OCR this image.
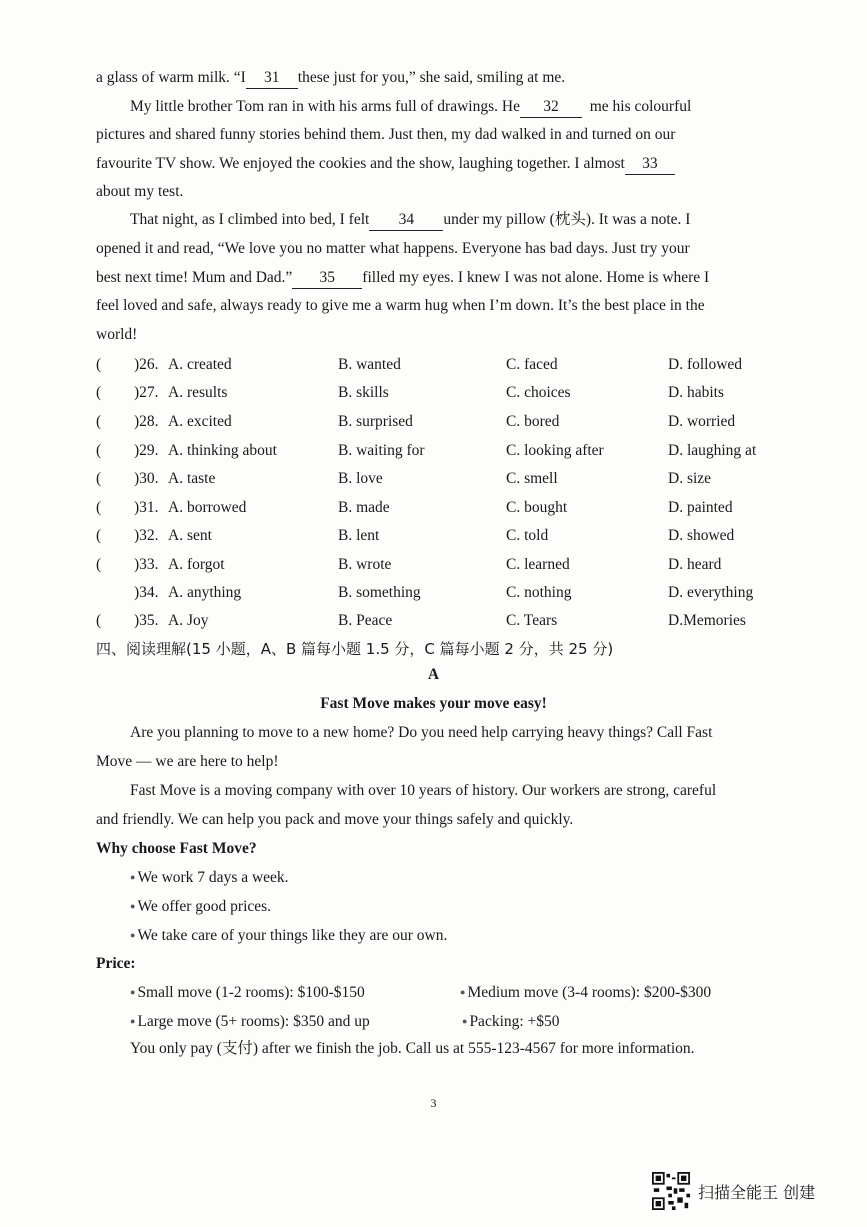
a glass of warm milk. “I 31 these just for you,” she said, smiling at me.

My little brother Tom ran in with his arms full of drawings. He 32 me his colourful

pictures and shared funny stories behind them. Just then, my dad walked in and turned on our

favourite TV show. We enjoyed the cookies and the show, laughing together. I almost 33

about my test.

That night, as I climbed into bed, I felt 34 under my pillow (枕头). It was a note. I

opened it and read, “We love you no matter what happens. Everyone has bad days. Just try your

best next time! Mum and Dad.” 35 filled my eyes. I knew I was not alone. Home is where I

feel loved and safe, always ready to give me a warm hug when I’m down. It’s the best place in the

world!

( )26. A. created	B. wanted	C. faced	D. followed
( )27. A. results	B. skills	C. choices	D. habits
( )28. A. excited	B. surprised	C. bored	D. worried
( )29. A. thinking about	B. waiting for	C. looking after	D. laughing at
( )30. A. taste	B. love	C. smell	D. size
( )31. A. borrowed	B. made	C. bought	D. painted
( )32. A. sent	B. lent	C. told	D. showed
( )33. A. forgot	B. wrote	C. learned	D. heard
)34. A. anything	B. something	C. nothing	D. everything
( )35. A. Joy	B. Peace	C. Tears	D.Memories
四、阅读理解(15 小题，A、B 篇每小题 1.5 分，C 篇每小题 2 分，共 25 分)
A
Fast Move makes your move easy!

Are you planning to move to a new home? Do you need help carrying heavy things? Call Fast

Move — we are here to help!

Fast Move is a moving company with over 10 years of history. Our workers are strong, careful

and friendly. We can help you pack and move your things safely and quickly.

Why choose Fast Move?

● We work 7 days a week.

● We offer good prices.

● We take care of your things like they are our own.

Price:

● Small move (1-2 rooms): $100-$150	● Medium move (3-4 rooms): $200-$300

● Large move (5+ rooms): $350 and up	● Packing: +$50

You only pay (支付) after we finish the job. Call us at 555-123-4567 for more information.

3
扫描全能王 创建
